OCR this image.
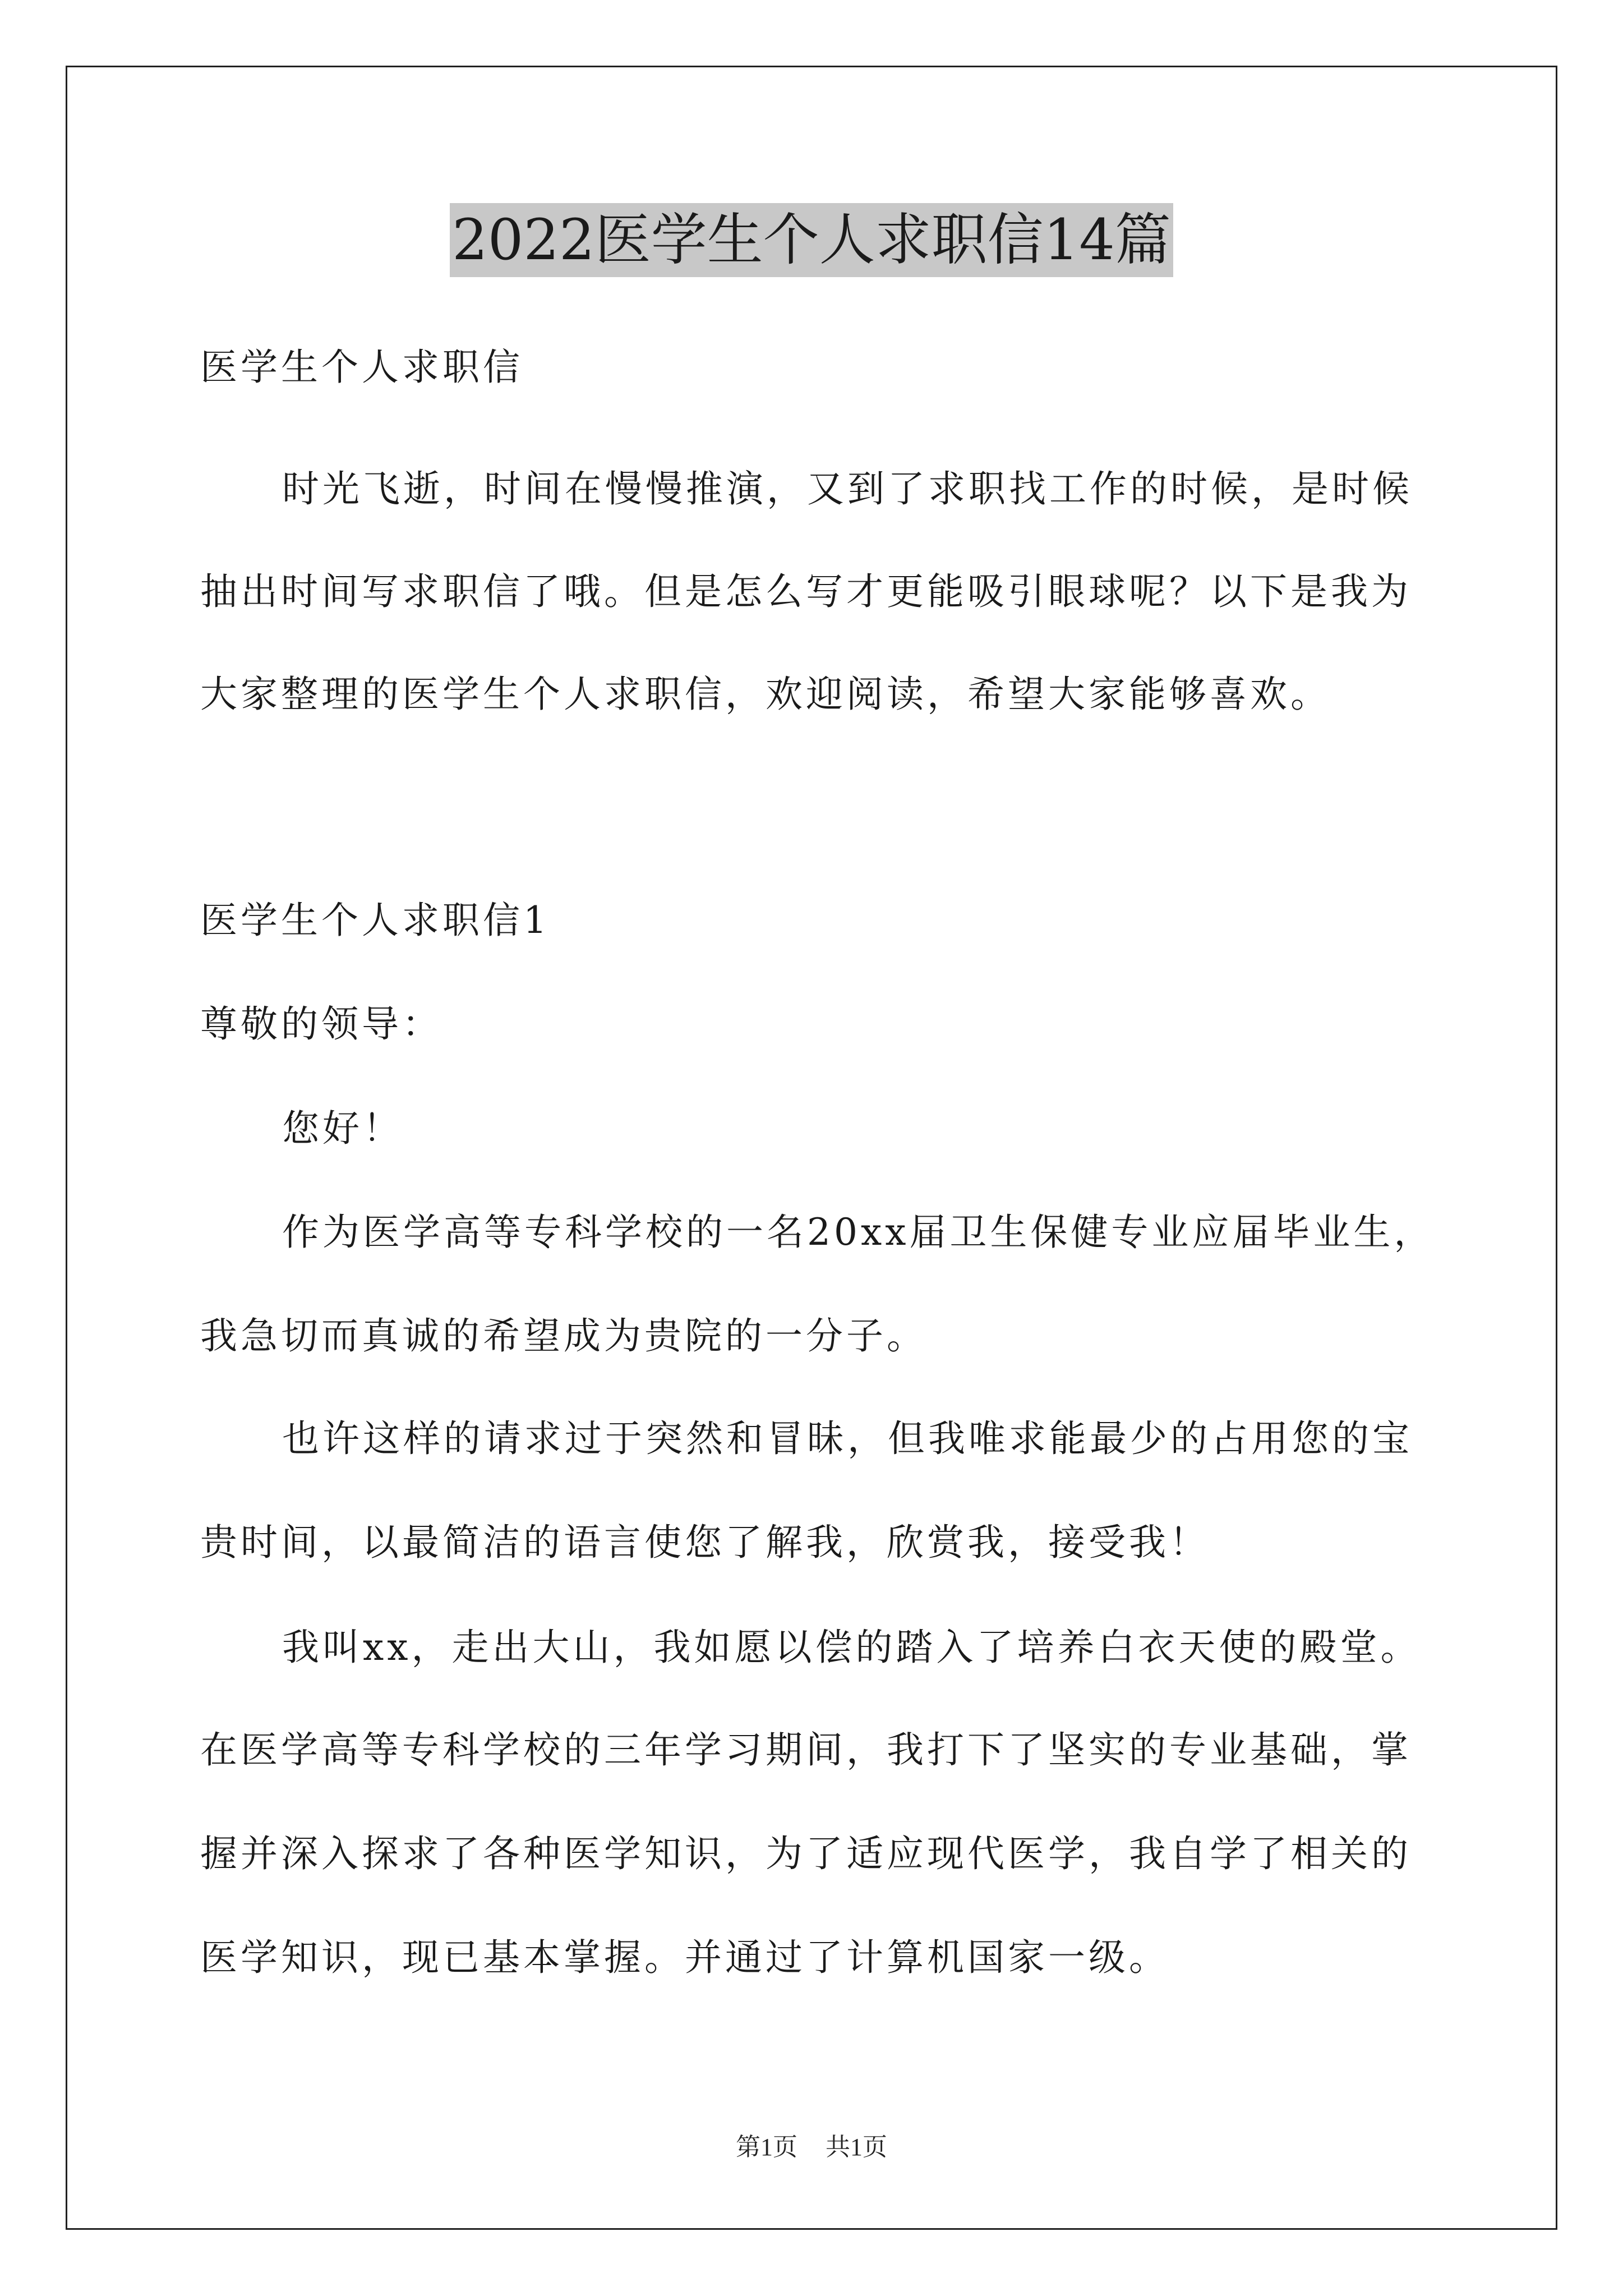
2022医学生个人求职信14篇
医学生个人求职信
时光飞逝，时间在慢慢推演，又到了求职找工作的时候，是时候
抽出时间写求职信了哦。但是怎么写才更能吸引眼球呢？以下是我为
大家整理的医学生个人求职信，欢迎阅读，希望大家能够喜欢。
医学生个人求职信1
尊敬的领导：
您好！
作为医学高等专科学校的一名20xx届卫生保健专业应届毕业生，
我急切而真诚的希望成为贵院的一分子。
也许这样的请求过于突然和冒昧，但我唯求能最少的占用您的宝
贵时间，以最简洁的语言使您了解我，欣赏我，接受我！
我叫xx，走出大山，我如愿以偿的踏入了培养白衣天使的殿堂。
在医学高等专科学校的三年学习期间，我打下了坚实的专业基础，掌
握并深入探求了各种医学知识，为了适应现代医学，我自学了相关的
医学知识，现已基本掌握。并通过了计算机国家一级。
第1页 共1页
